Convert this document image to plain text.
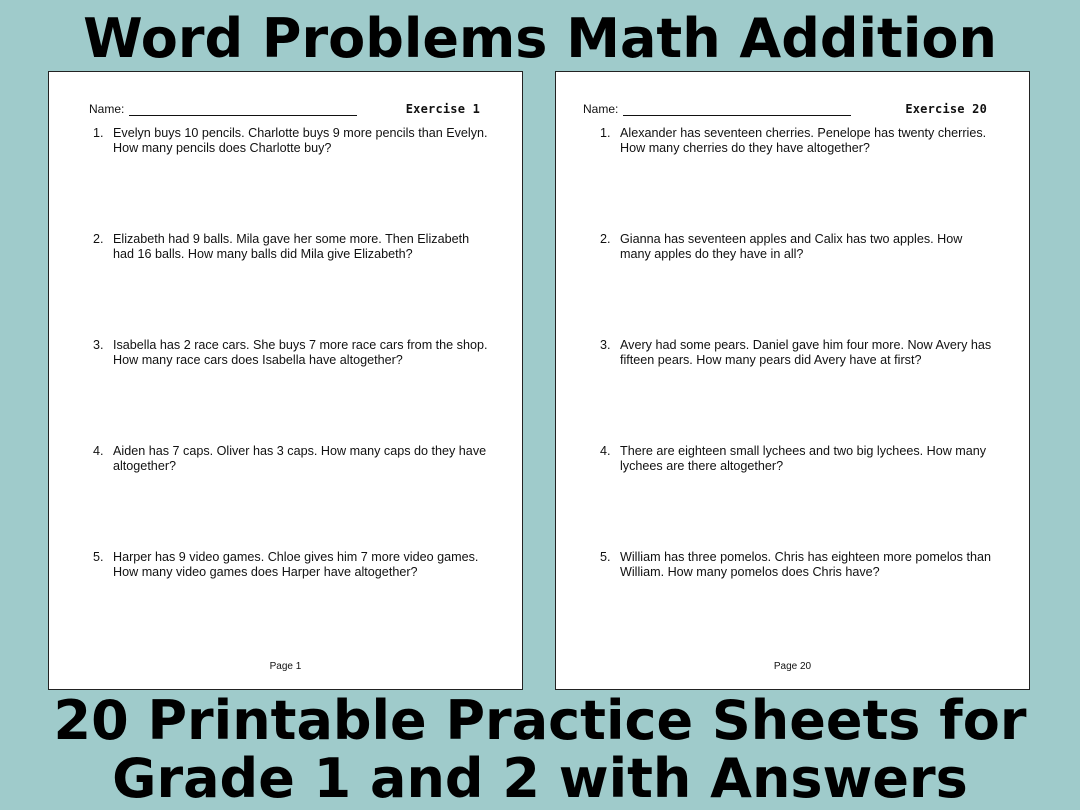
Word Problems Math Addition
Name:	Exercise 1
1. Evelyn buys 10 pencils. Charlotte buys 9 more pencils than Evelyn. How many pencils does Charlotte buy?
2. Elizabeth had 9 balls. Mila gave her some more. Then Elizabeth had 16 balls. How many balls did Mila give Elizabeth?
3. Isabella has 2 race cars. She buys 7 more race cars from the shop. How many race cars does Isabella have altogether?
4. Aiden has 7 caps. Oliver has 3 caps. How many caps do they have altogether?
5. Harper has 9 video games. Chloe gives him 7 more video games. How many video games does Harper have altogether?
Page 1
Name:	Exercise 20
1. Alexander has seventeen cherries. Penelope has twenty cherries. How many cherries do they have altogether?
2. Gianna has seventeen apples and Calix has two apples. How many apples do they have in all?
3. Avery had some pears. Daniel gave him four more. Now Avery has fifteen pears. How many pears did Avery have at first?
4. There are eighteen small lychees and two big lychees. How many lychees are there altogether?
5. William has three pomelos. Chris has eighteen more pomelos than William. How many pomelos does Chris have?
Page 20
20 Printable Practice Sheets for
Grade 1 and 2 with Answers
